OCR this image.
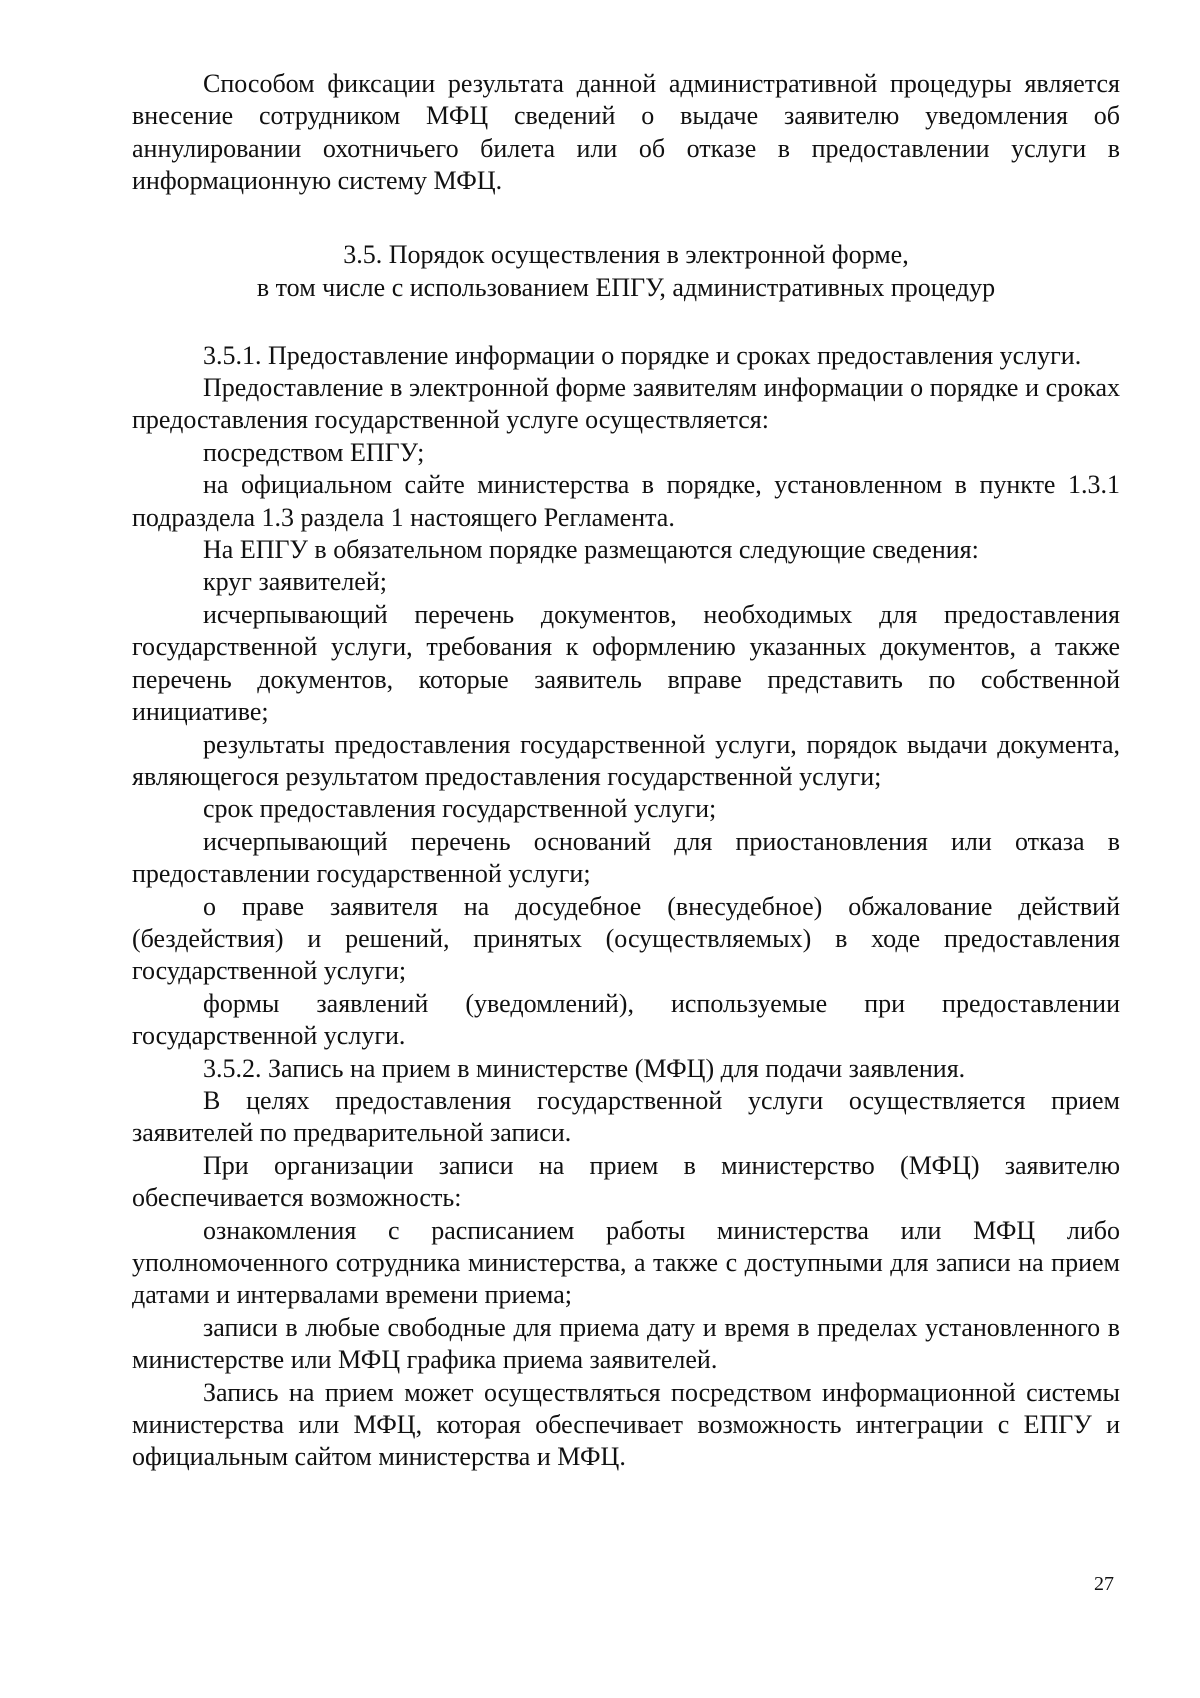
Способом фиксации результата данной административной процедуры является внесение сотрудником МФЦ сведений о выдаче заявителю уведомления об аннулировании охотничьего билета или об отказе в предоставлении услуги в информационную систему МФЦ.

3.5. Порядок осуществления в электронной форме,
в том числе с использованием ЕПГУ, административных процедур

3.5.1. Предоставление информации о порядке и сроках предоставления услуги.

Предоставление в электронной форме заявителям информации о порядке и сроках предоставления государственной услуге осуществляется:

посредством ЕПГУ;

на официальном сайте министерства в порядке, установленном в пункте 1.3.1 подраздела 1.3 раздела 1 настоящего Регламента.

На ЕПГУ в обязательном порядке размещаются следующие сведения:

круг заявителей;

исчерпывающий перечень документов, необходимых для предоставления государственной услуги, требования к оформлению указанных документов, а также перечень документов, которые заявитель вправе представить по собственной инициативе;

результаты предоставления государственной услуги, порядок выдачи документа, являющегося результатом предоставления государственной услуги;

срок предоставления государственной услуги;

исчерпывающий перечень оснований для приостановления или отказа в предоставлении государственной услуги;

о праве заявителя на досудебное (внесудебное) обжалование действий (бездействия) и решений, принятых (осуществляемых) в ходе предоставления государственной услуги;

формы заявлений (уведомлений), используемые при предоставлении государственной услуги.

3.5.2. Запись на прием в министерстве (МФЦ) для подачи заявления.

В целях предоставления государственной услуги осуществляется прием заявителей по предварительной записи.

При организации записи на прием в министерство (МФЦ) заявителю обеспечивается возможность:

ознакомления с расписанием работы министерства или МФЦ либо уполномоченного сотрудника министерства, а также с доступными для записи на прием датами и интервалами времени приема;

записи в любые свободные для приема дату и время в пределах установленного в министерстве или МФЦ графика приема заявителей.

Запись на прием может осуществляться посредством информационной системы министерства или МФЦ, которая обеспечивает возможность интеграции с ЕПГУ и официальным сайтом министерства и МФЦ.

27
